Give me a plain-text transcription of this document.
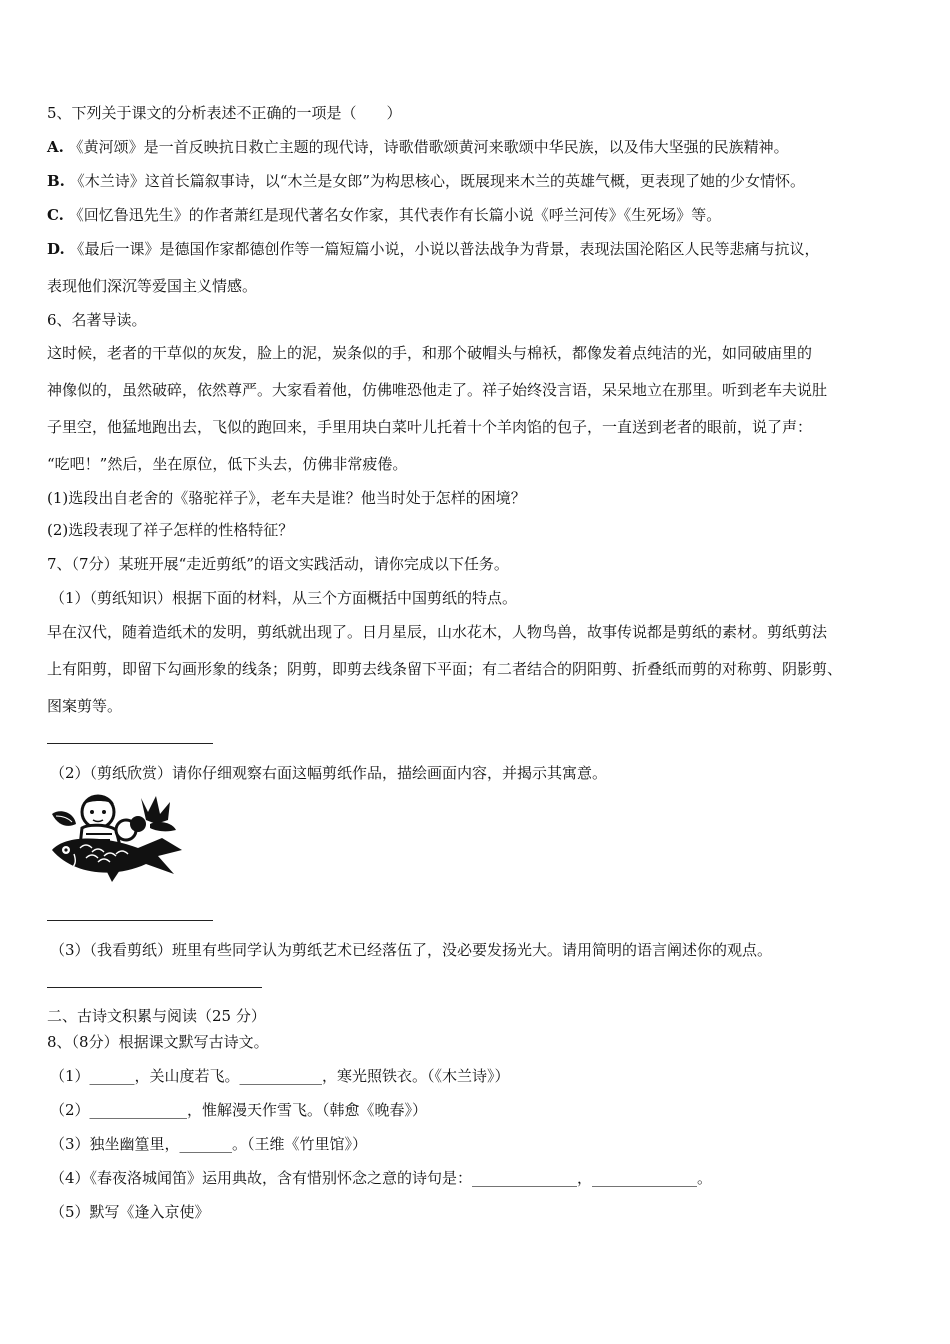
5、下列关于课文的分析表述不正确的一项是（　　）
A. 《黄河颂》是一首反映抗日救亡主题的现代诗，诗歌借歌颂黄河来歌颂中华民族，以及伟大坚强的民族精神。
B. 《木兰诗》这首长篇叙事诗，以“木兰是女郎”为构思核心，既展现来木兰的英雄气概，更表现了她的少女情怀。
C. 《回忆鲁迅先生》的作者萧红是现代著名女作家，其代表作有长篇小说《呼兰河传》《生死场》等。
D. 《最后一课》是德国作家都德创作等一篇短篇小说，小说以普法战争为背景，表现法国沦陷区人民等悲痛与抗议，
表现他们深沉等爱国主义情感。
6、名著导读。
这时候，老者的干草似的灰发，脸上的泥，炭条似的手，和那个破帽头与棉袄，都像发着点纯洁的光，如同破庙里的
神像似的，虽然破碎，依然尊严。大家看着他，仿佛唯恐他走了。祥子始终没言语，呆呆地立在那里。听到老车夫说肚
子里空，他猛地跑出去，飞似的跑回来，手里用块白菜叶儿托着十个羊肉馅的包子，一直送到老者的眼前，说了声：
“吃吧！”然后，坐在原位，低下头去，仿佛非常疲倦。
(1)选段出自老舍的《骆驼祥子》，老车夫是谁？他当时处于怎样的困境？
(2)选段表现了祥子怎样的性格特征？
7、（7分）某班开展“走近剪纸”的语文实践活动，请你完成以下任务。
（1）（剪纸知识）根据下面的材料，从三个方面概括中国剪纸的特点。
早在汉代，随着造纸术的发明，剪纸就出现了。日月星辰，山水花木，人物鸟兽，故事传说都是剪纸的素材。剪纸剪法
上有阳剪，即留下勾画形象的线条；阴剪，即剪去线条留下平面；有二者结合的阴阳剪、折叠纸而剪的对称剪、阴影剪、
图案剪等。
（2）（剪纸欣赏）请你仔细观察右面这幅剪纸作品，描绘画面内容，并揭示其寓意。
（3）（我看剪纸）班里有些同学认为剪纸艺术已经落伍了，没必要发扬光大。请用简明的语言阐述你的观点。
二、古诗文积累与阅读（25 分）
8、（8分）根据课文默写古诗文。
（1）______，关山度若飞。___________，寒光照铁衣。（《木兰诗》）
（2）_____________，惟解漫天作雪飞。（韩愈《晚春》）
（3）独坐幽篁里，_______。（王维《竹里馆》）
（4）《春夜洛城闻笛》运用典故，含有惜别怀念之意的诗句是：______________，______________。
（5）默写《逢入京使》
